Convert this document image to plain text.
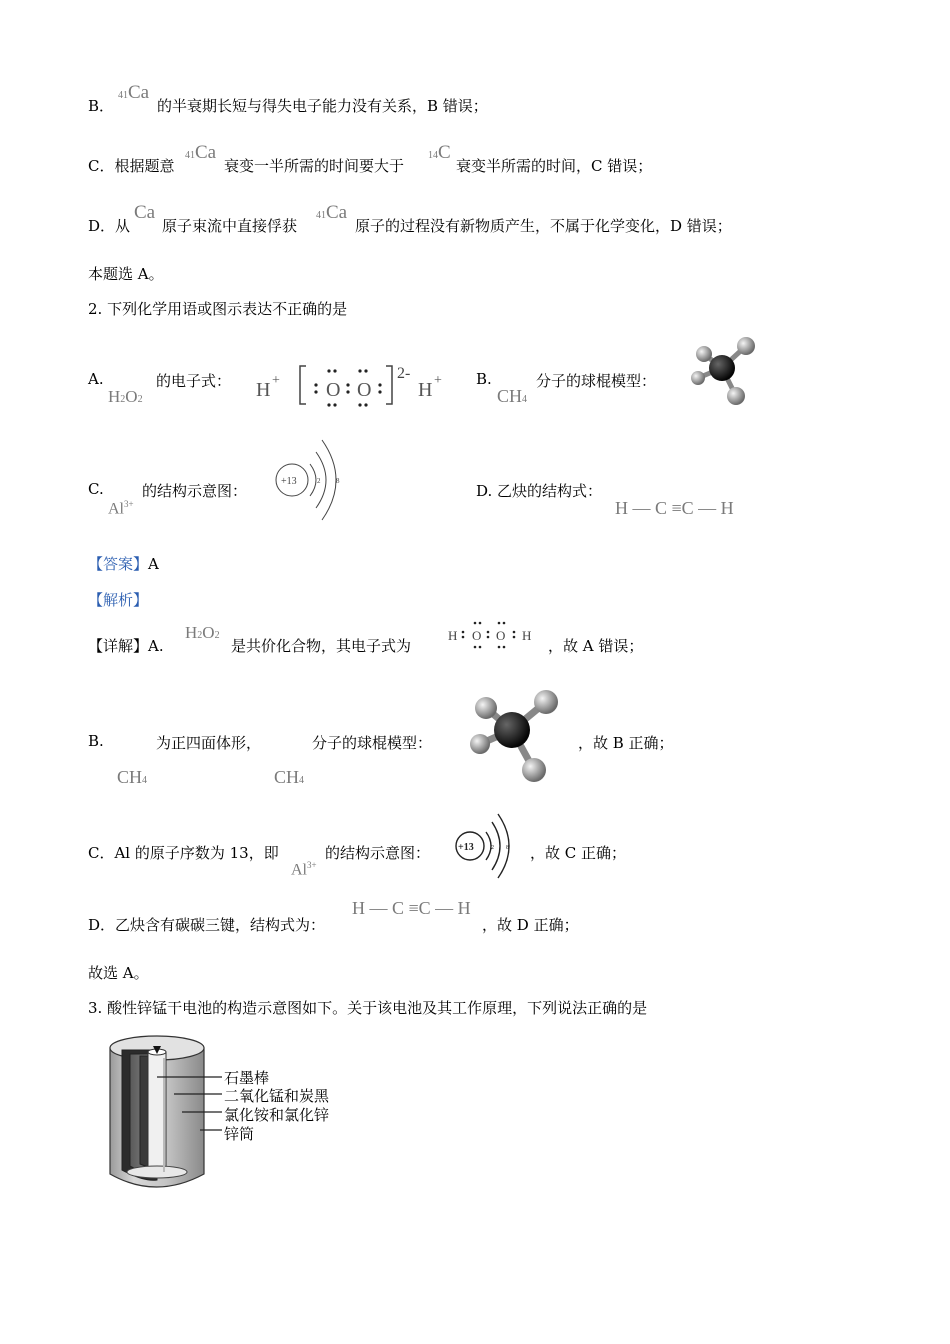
B．
41Ca
的半衰期长短与得失电子能力没有关系，B 错误；
C．根据题意
41Ca
衰变一半所需的时间要大于
14C
衰变半所需的时间，C 错误；
D．从
Ca
原子束流中直接俘获
41Ca
原子的过程没有新物质产生，不属于化学变化，D 错误；
本题选 A。
2. 下列化学用语或图示表达不正确的是
A.
H2O2
的电子式： H + O O
2-
H + B.
CH4
分子的球棍模型：
C.
$Al^{3+}$
的结构示意图：
+13	2 8
D. 乙炔的结构式：
H — C ≡C — H
【答案】A
【解析】
【详解】A.
H2O2
是共价化合物，其电子式为
H O O H
，故 A 错误；
B.
CH4
为正四面体形，
CH4
分子的球棍模型：	，故 B 正确；
C．Al 的原子序数为 13，即
$Al^{3+}$
的结构示意图：	+13	2 8 ，故 C 正确；
D．乙炔含有碳碳三键，结构式为：
H — C ≡C — H
，故 D 正确；
故选 A。
3. 酸性锌锰干电池的构造示意图如下。关于该电池及其工作原理，下列说法正确的是
石墨棒
二氧化锰和炭黑
氯化铵和氯化锌
锌筒
